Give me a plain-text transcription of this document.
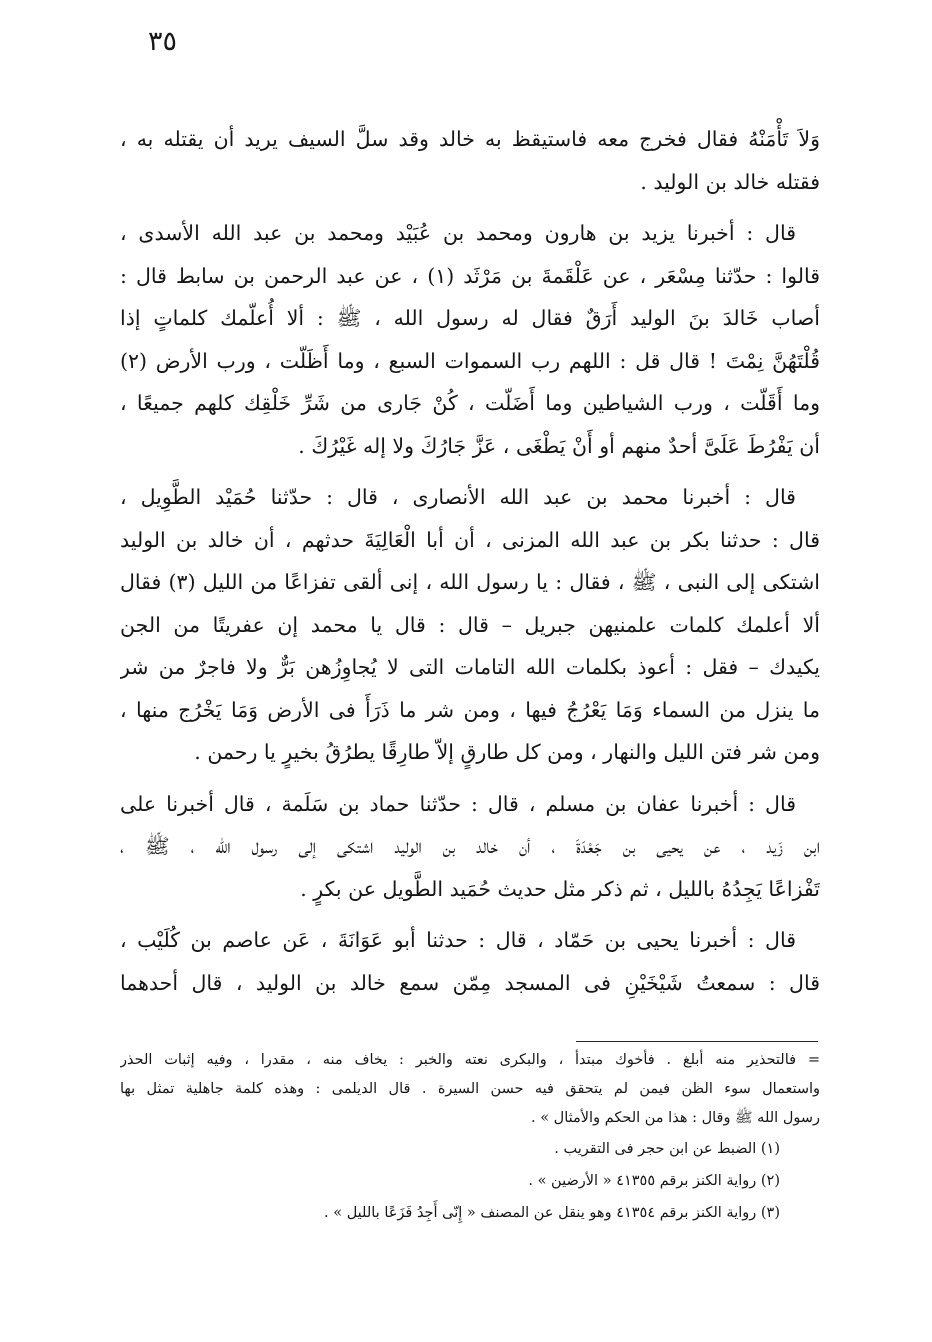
٣٥
وَلاَ تَأْمَنْهُ فقال فخرج معه فاستيقظ به خالد وقد سلَّ السيف يريد أن يقتله به ،
فقتله خالد بن الوليد .
قال : أخبرنا يزيد بن هارون ومحمد بن عُبَيْد ومحمد بن عبد الله الأسدى ،
قالوا : حدّثنا مِسْعَر ، عن عَلْقَمةَ بن مَرْثَد (١) ، عن عبد الرحمن بن سابط قال :
أصاب خَالدَ بنَ الوليد أَرَقٌ فقال له رسول الله ، ﷺ : ألا أُعلّمك كلماتٍ إذا
قُلْتَهُنَّ نِمْتَ ! قال قل : اللهم رب السموات السبع ، وما أَظَلّت ، ورب الأرض (٢)
وما أَقَلّت ، ورب الشياطين وما أَضَلّت ، كُنْ جَارى من شَرِّ خَلْقِك كلهم جميعًا ،
أن يَفْرُطَ عَلَىَّ أحدٌ منهم أو أَنْ يَطْغَى ، عَزَّ جَارُكَ ولا إله غَيْرُكَ .
قال : أخبرنا محمد بن عبد الله الأنصارى ، قال : حدّثنا حُمَيْد الطَّوِيل ،
قال : حدثنا بكر بن عبد الله المزنى ، أن أبا الْعَالِيَةَ حدثهم ، أن خالد بن الوليد
اشتكى إلى النبى ، ﷺ ، فقال : يا رسول الله ، إنى ألقى تفزاعًا من الليل (٣) فقال
ألا أعلمك كلمات علمنيهن جبريل – قال : قال يا محمد إن عفريتًا من الجن
يكيدك – فقل : أعوذ بكلمات الله التامات التى لا يُجاوِزُهن بَرٌّ ولا فاجرٌ من شر
ما ينزل من السماء وَمَا يَعْرُجُ فيها ، ومن شر ما ذَرَأَ فى الأرض وَمَا يَخْرُج منها ،
ومن شر فتن الليل والنهار ، ومن كل طارقٍ إلاّ طارِقًا يطرُقُ بخيرٍ يا رحمن .
قال : أخبرنا عفان بن مسلم ، قال : حدّثنا حماد بن سَلَمة ، قال أخبرنا على
ابن زَيد ، عن يحيى بن جَعْدَةَ ، أن خالد بن الوليد اشتكى إلى رسول الله ، ﷺ ،
تَفْزاعًا يَجِدُهُ بالليل ، ثم ذكر مثل حديث حُمَيد الطَّويل عن بكرٍ .
قال : أخبرنا يحيى بن حَمّاد ، قال : حدثنا أبو عَوَانَةَ ، عَن عاصم بن كُلَيْب ،
قال : سمعتُ شَيْخَيْنِ فى المسجد مِمّن سمع خالد بن الوليد ، قال أحدهما
= فالتحذير منه أبلغ . فأخوك مبتدأ ، والبكرى نعته والخبر : يخاف منه ، مقدرا ، وفيه إثبات الحذر
واستعمال سوء الظن فيمن لم يتحقق فيه حسن السيرة . قال الديلمى : وهذه كلمة جاهلية تمثل بها
رسول الله ﷺ وقال : هذا من الحكم والأمثال » .
(١) الضبط عن ابن حجر فى التقريب .
(٢) رواية الكنز برقم ٤١٣٥٥ « الأرضين » .
(٣) رواية الكنز برقم ٤١٣٥٤ وهو ينقل عن المصنف « إِنّى أَجِدُ فَزَعًا بالليل » .
